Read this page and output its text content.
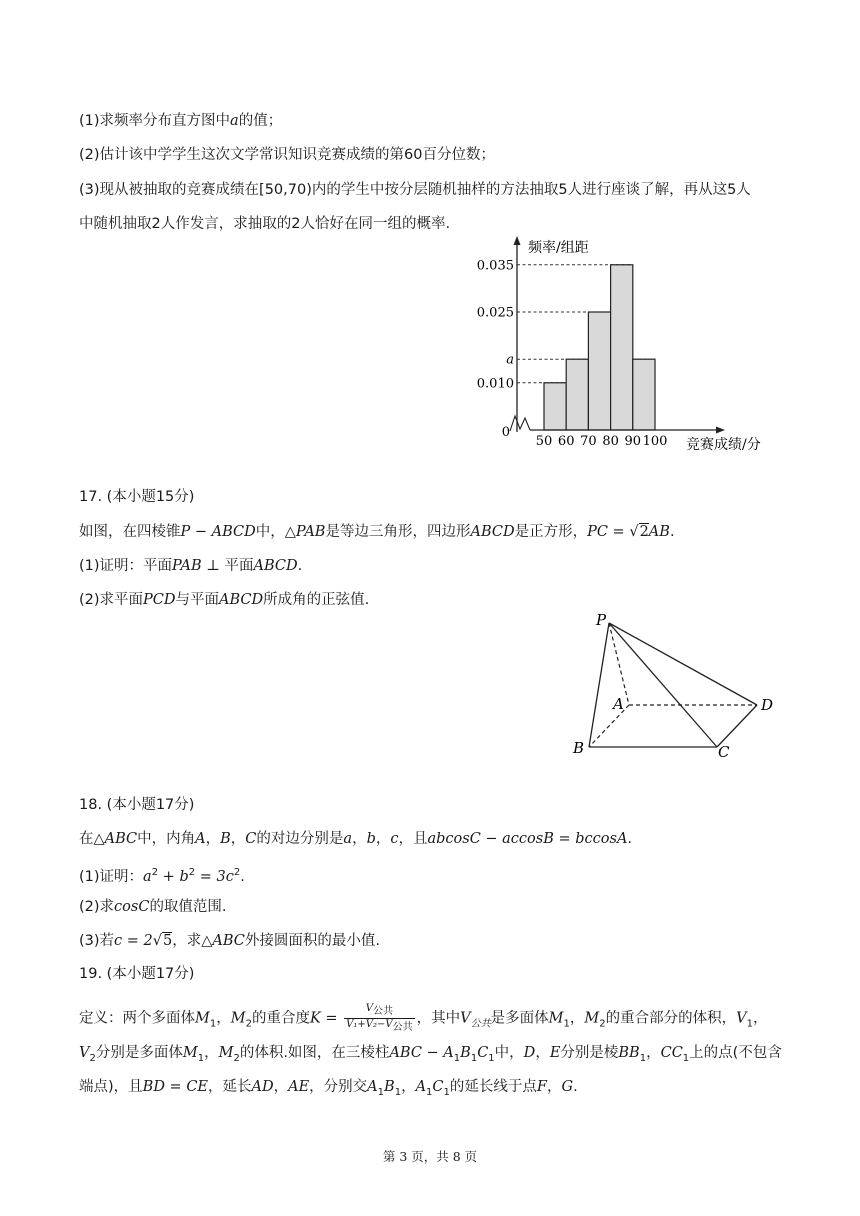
(1)求频率分布直方图中a的值；
(2)估计该中学学生这次文学常识知识竞赛成绩的第60百分位数；
(3)现从被抽取的竞赛成绩在[50,70)内的学生中按分层随机抽样的方法抽取5人进行座谈了解，再从这5人
中随机抽取2人作发言，求抽取的2人恰好在同一组的概率.
0.035
0.025
a
0.010
50 60 70 80 90 100
0
频率/组距
竞赛成绩/分
17. (本小题15分)
如图，在四棱锥P − ABCD中，△PAB是等边三角形，四边形ABCD是正方形，PC = √2AB.
(1)证明：平面PAB ⊥ 平面ABCD.
(2)求平面PCD与平面ABCD所成角的正弦值.
P
A
B	C
D
18. (本小题17分)
在△ABC中，内角A，B，C的对边分别是a，b，c，且abcosC − accosB = bccosA.
(1)证明：$a^2 + b^2 = 3c^2$.
(2)求cosC的取值范围.
(3)若c = 2√5，求△ABC外接圆面积的最小值.
19. (本小题17分)
定义：两个多面体$M_1$，$M_2$的重合度$K = \frac{V_{公共}}{V_1+V_2-V_{公共}}$ ，其中$V_{公共}$是多面体$M_1$，$M_2$的重合部分的体积，$V_1$，
$V_2$分别是多面体$M_1$，$M_2$的体积.如图，在三棱柱ABC − $A_1B_1C_1$中，D，E分别是棱$BB_1$，$CC_1$上的点(不包含
端点)，且BD = CE，延长AD，AE，分别交$A_1B_1$，$A_1C_1$的延长线于点F，G.
第 3 页，共 8 页
